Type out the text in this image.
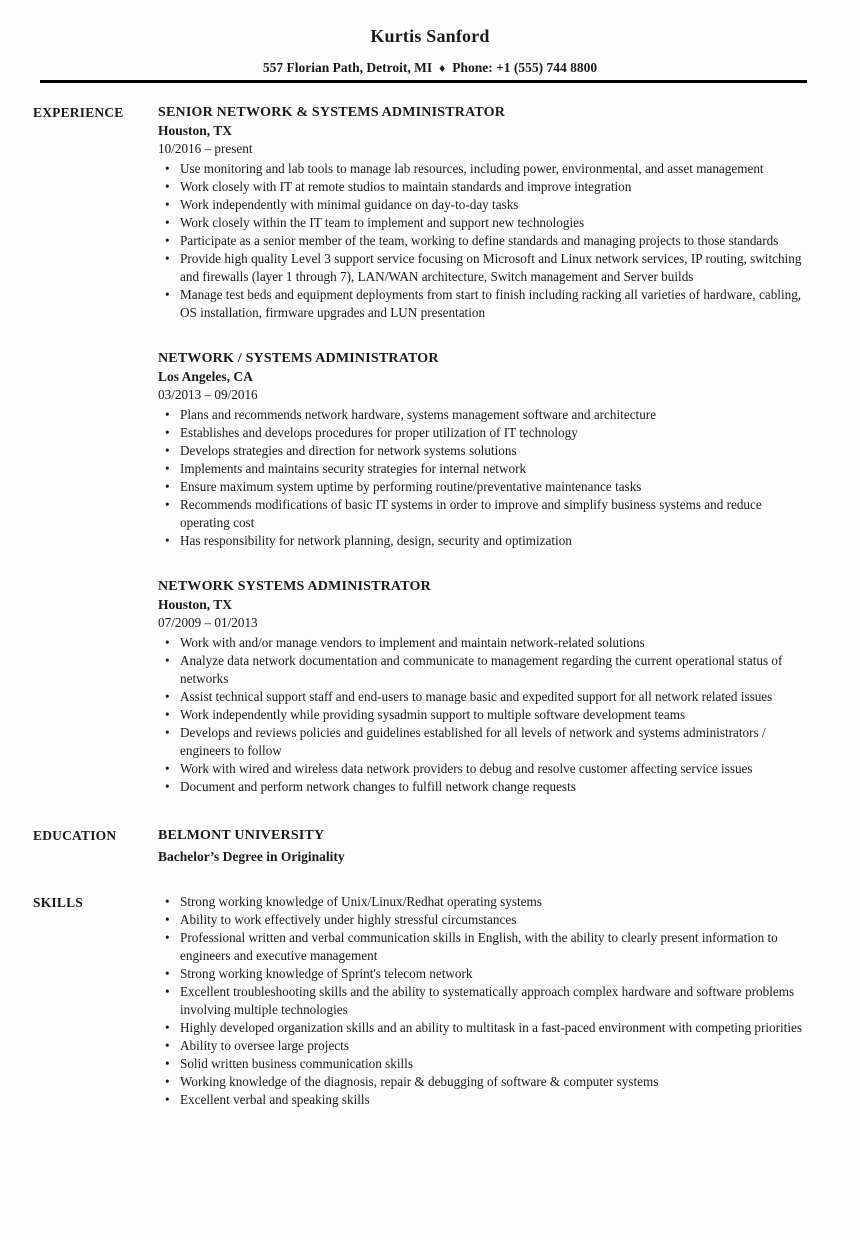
Kurtis Sanford
557 Florian Path, Detroit, MI ♦ Phone: +1 (555) 744 8800
EXPERIENCE	SENIOR NETWORK & SYSTEMS ADMINISTRATOR
Houston, TX
10/2016 – present
• Use monitoring and lab tools to manage lab resources, including power, environmental, and asset management
• Work closely with IT at remote studios to maintain standards and improve integration
• Work independently with minimal guidance on day-to-day tasks
• Work closely within the IT team to implement and support new technologies
• Participate as a senior member of the team, working to define standards and managing projects to those standards
• Provide high quality Level 3 support service focusing on Microsoft and Linux network services, IP routing, switching and firewalls (layer 1 through 7), LAN/WAN architecture, Switch management and Server builds
• Manage test beds and equipment deployments from start to finish including racking all varieties of hardware, cabling, OS installation, firmware upgrades and LUN presentation
NETWORK / SYSTEMS ADMINISTRATOR
Los Angeles, CA
03/2013 – 09/2016
• Plans and recommends network hardware, systems management software and architecture
• Establishes and develops procedures for proper utilization of IT technology
• Develops strategies and direction for network systems solutions
• Implements and maintains security strategies for internal network
• Ensure maximum system uptime by performing routine/preventative maintenance tasks
• Recommends modifications of basic IT systems in order to improve and simplify business systems and reduce operating cost
• Has responsibility for network planning, design, security and optimization
NETWORK SYSTEMS ADMINISTRATOR
Houston, TX
07/2009 – 01/2013
• Work with and/or manage vendors to implement and maintain network-related solutions
• Analyze data network documentation and communicate to management regarding the current operational status of networks
• Assist technical support staff and end-users to manage basic and expedited support for all network related issues
• Work independently while providing sysadmin support to multiple software development teams
• Develops and reviews policies and guidelines established for all levels of network and systems administrators / engineers to follow
• Work with wired and wireless data network providers to debug and resolve customer affecting service issues
• Document and perform network changes to fulfill network change requests
EDUCATION	BELMONT UNIVERSITY
Bachelor’s Degree in Originality
SKILLS	• Strong working knowledge of Unix/Linux/Redhat operating systems
• Ability to work effectively under highly stressful circumstances
• Professional written and verbal communication skills in English, with the ability to clearly present information to engineers and executive management
• Strong working knowledge of Sprint's telecom network
• Excellent troubleshooting skills and the ability to systematically approach complex hardware and software problems involving multiple technologies
• Highly developed organization skills and an ability to multitask in a fast-paced environment with competing priorities
• Ability to oversee large projects
• Solid written business communication skills
• Working knowledge of the diagnosis, repair & debugging of software & computer systems
• Excellent verbal and speaking skills
